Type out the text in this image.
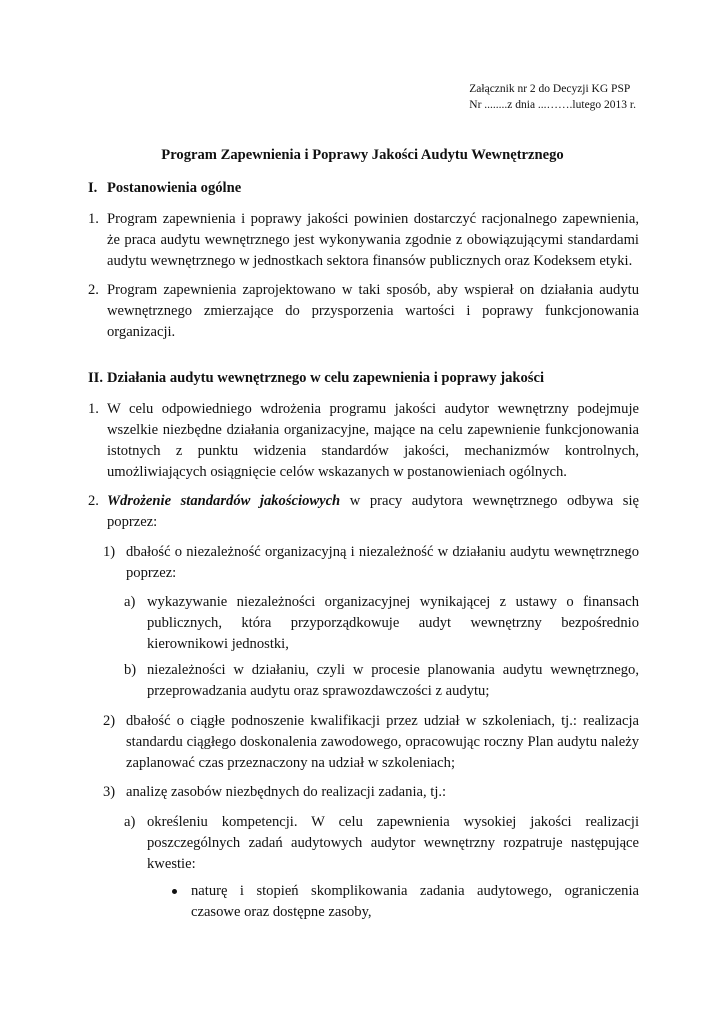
Załącznik nr 2 do Decyzji KG PSP
Nr ........z dnia ...…….lutego 2013 r.
Program Zapewnienia i Poprawy Jakości Audytu Wewnętrznego
I. Postanowienia ogólne
1. Program zapewnienia i poprawy jakości powinien dostarczyć racjonalnego zapewnienia, że praca audytu wewnętrznego jest wykonywania zgodnie z obowiązującymi standardami audytu wewnętrznego w jednostkach sektora finansów publicznych oraz Kodeksem etyki.
2. Program zapewnienia zaprojektowano w taki sposób, aby wspierał on działania audytu wewnętrznego zmierzające do przysporzenia wartości i poprawy funkcjonowania organizacji.
II. Działania audytu wewnętrznego w celu zapewnienia i poprawy jakości
1. W celu odpowiedniego wdrożenia programu jakości audytor wewnętrzny podejmuje wszelkie niezbędne działania organizacyjne, mające na celu zapewnienie funkcjonowania istotnych z punktu widzenia standardów jakości, mechanizmów kontrolnych, umożliwiających osiągnięcie celów wskazanych w postanowieniach ogólnych.
2. Wdrożenie standardów jakościowych w pracy audytora wewnętrznego odbywa się poprzez:
1) dbałość o niezależność organizacyjną i niezależność w działaniu audytu wewnętrznego poprzez:
a) wykazywanie niezależności organizacyjnej wynikającej z ustawy o finansach publicznych, która przyporządkowuje audyt wewnętrzny bezpośrednio kierownikowi jednostki,
b) niezależności w działaniu, czyli w procesie planowania audytu wewnętrznego, przeprowadzania audytu oraz sprawozdawczości z audytu;
2) dbałość o ciągłe podnoszenie kwalifikacji przez udział w szkoleniach, tj.: realizacja standardu ciągłego doskonalenia zawodowego, opracowując roczny Plan audytu należy zaplanować czas przeznaczony na udział w szkoleniach;
3) analizę zasobów niezbędnych do realizacji zadania, tj.:
a) określeniu kompetencji. W celu zapewnienia wysokiej jakości realizacji poszczególnych zadań audytowych audytor wewnętrzny rozpatruje następujące kwestie:
naturę i stopień skomplikowania zadania audytowego, ograniczenia czasowe oraz dostępne zasoby,
